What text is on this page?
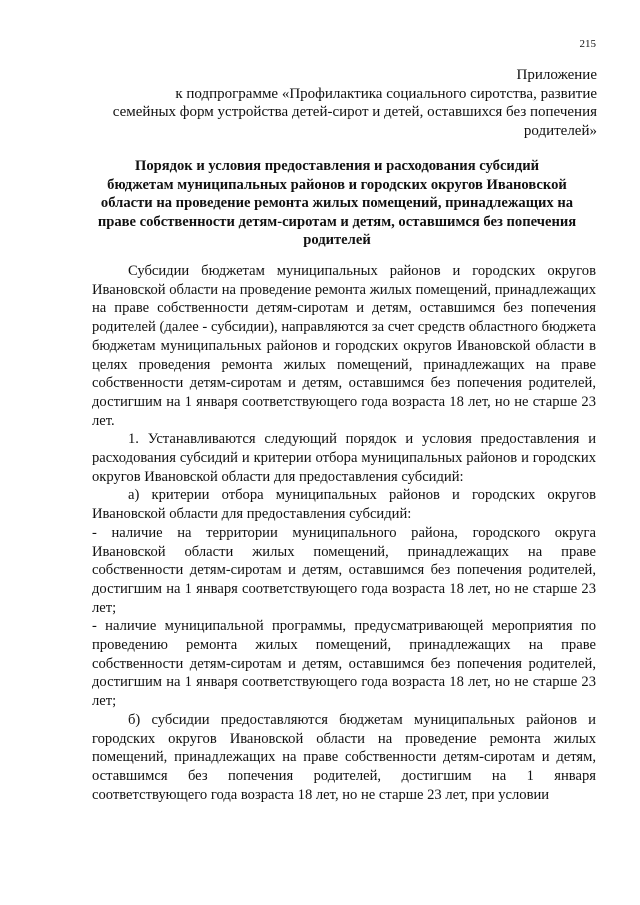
215
Приложение
к подпрограмме «Профилактика социального сиротства, развитие
семейных форм устройства детей-сирот и детей, оставшихся без попечения
родителей»
Порядок и условия предоставления и расходования субсидий
бюджетам муниципальных районов и городских округов Ивановской
области на проведение ремонта жилых помещений, принадлежащих на
праве собственности детям-сиротам и детям, оставшимся без попечения
родителей

Субсидии бюджетам муниципальных районов и городских округов Ивановской области на проведение ремонта жилых помещений, принадлежащих на праве собственности детям-сиротам и детям, оставшимся без попечения родителей (далее - субсидии), направляются за счет средств областного бюджета бюджетам муниципальных районов и городских округов Ивановской области в целях проведения ремонта жилых помещений, принадлежащих на праве собственности детям-сиротам и детям, оставшимся без попечения родителей, достигшим на 1 января соответствующего года возраста 18 лет, но не старше 23 лет.

1. Устанавливаются следующий порядок и условия предоставления и расходования субсидий и критерии отбора муниципальных районов и городских округов Ивановской области для предоставления субсидий:

а) критерии отбора муниципальных районов и городских округов Ивановской области для предоставления субсидий:

- наличие на территории муниципального района, городского округа Ивановской области жилых помещений, принадлежащих на праве собственности детям-сиротам и детям, оставшимся без попечения родителей, достигшим на 1 января соответствующего года возраста 18 лет, но не старше 23 лет;

- наличие муниципальной программы, предусматривающей мероприятия по проведению ремонта жилых помещений, принадлежащих на праве собственности детям-сиротам и детям, оставшимся без попечения родителей, достигшим на 1 января соответствующего года возраста 18 лет, но не старше 23 лет;

б) субсидии предоставляются бюджетам муниципальных районов и городских округов Ивановской области на проведение ремонта жилых помещений, принадлежащих на праве собственности детям-сиротам и детям, оставшимся без попечения родителей, достигшим на 1 января соответствующего года возраста 18 лет, но не старше 23 лет, при условии
